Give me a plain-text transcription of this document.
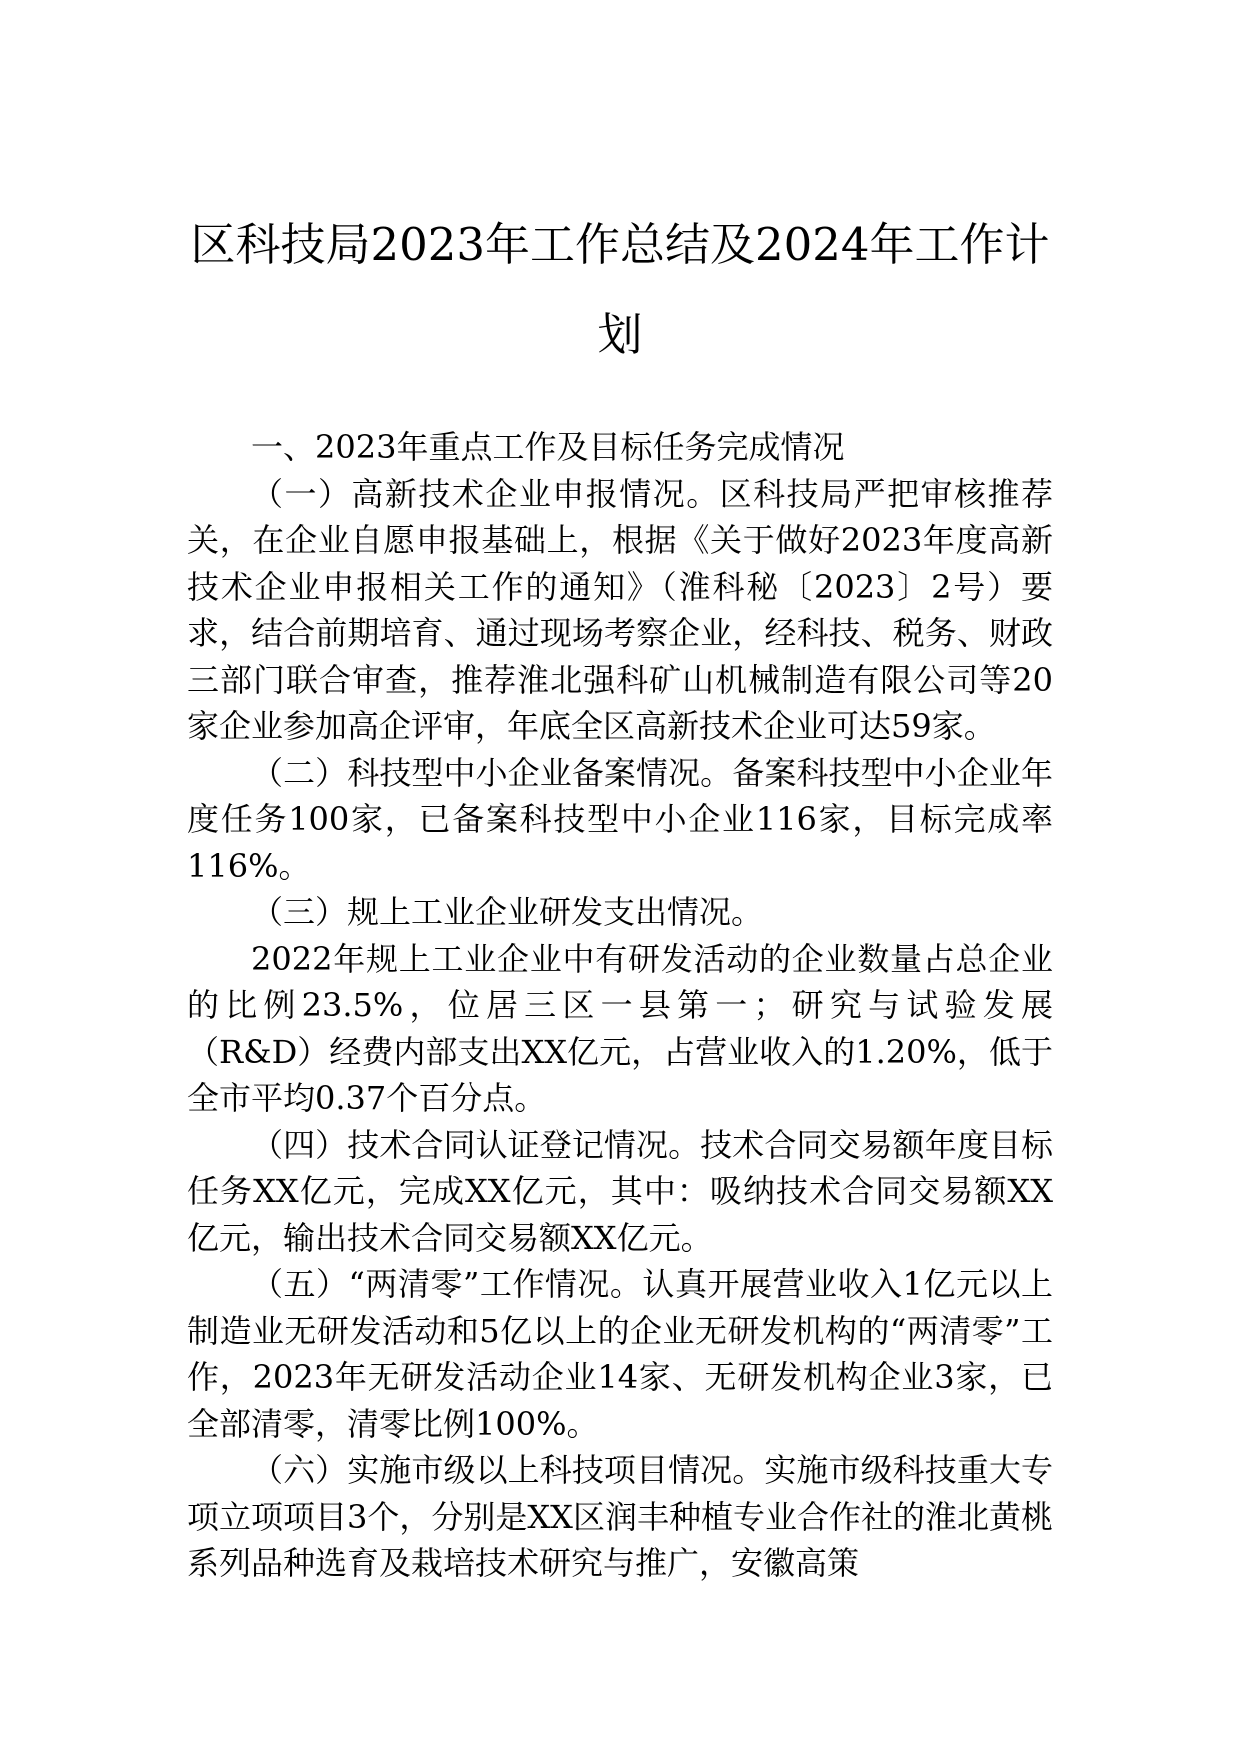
区科技局2023年工作总结及2024年工作计划

一、2023年重点工作及目标任务完成情况

（一）高新技术企业申报情况。区科技局严把审核推荐关，在企业自愿申报基础上，根据《关于做好2023年度高新技术企业申报相关工作的通知》（淮科秘〔2023〕2号）要求，结合前期培育、通过现场考察企业，经科技、税务、财政三部门联合审查，推荐淮北强科矿山机械制造有限公司等20家企业参加高企评审，年底全区高新技术企业可达59家。

（二）科技型中小企业备案情况。备案科技型中小企业年度任务100家，已备案科技型中小企业116家，目标完成率116%。

（三）规上工业企业研发支出情况。

2022年规上工业企业中有研发活动的企业数量占总企业的比例23.5%，位居三区一县第一；研究与试验发展（R&D）经费内部支出XX亿元，占营业收入的1.20%，低于全市平均0.37个百分点。

（四）技术合同认证登记情况。技术合同交易额年度目标任务XX亿元，完成XX亿元，其中：吸纳技术合同交易额XX亿元，输出技术合同交易额XX亿元。

（五）“两清零”工作情况。认真开展营业收入1亿元以上制造业无研发活动和5亿以上的企业无研发机构的“两清零”工作，2023年无研发活动企业14家、无研发机构企业3家，已全部清零，清零比例100%。

（六）实施市级以上科技项目情况。实施市级科技重大专项立项项目3个，分别是XX区润丰种植专业合作社的淮北黄桃系列品种选育及栽培技术研究与推广，安徽高策
